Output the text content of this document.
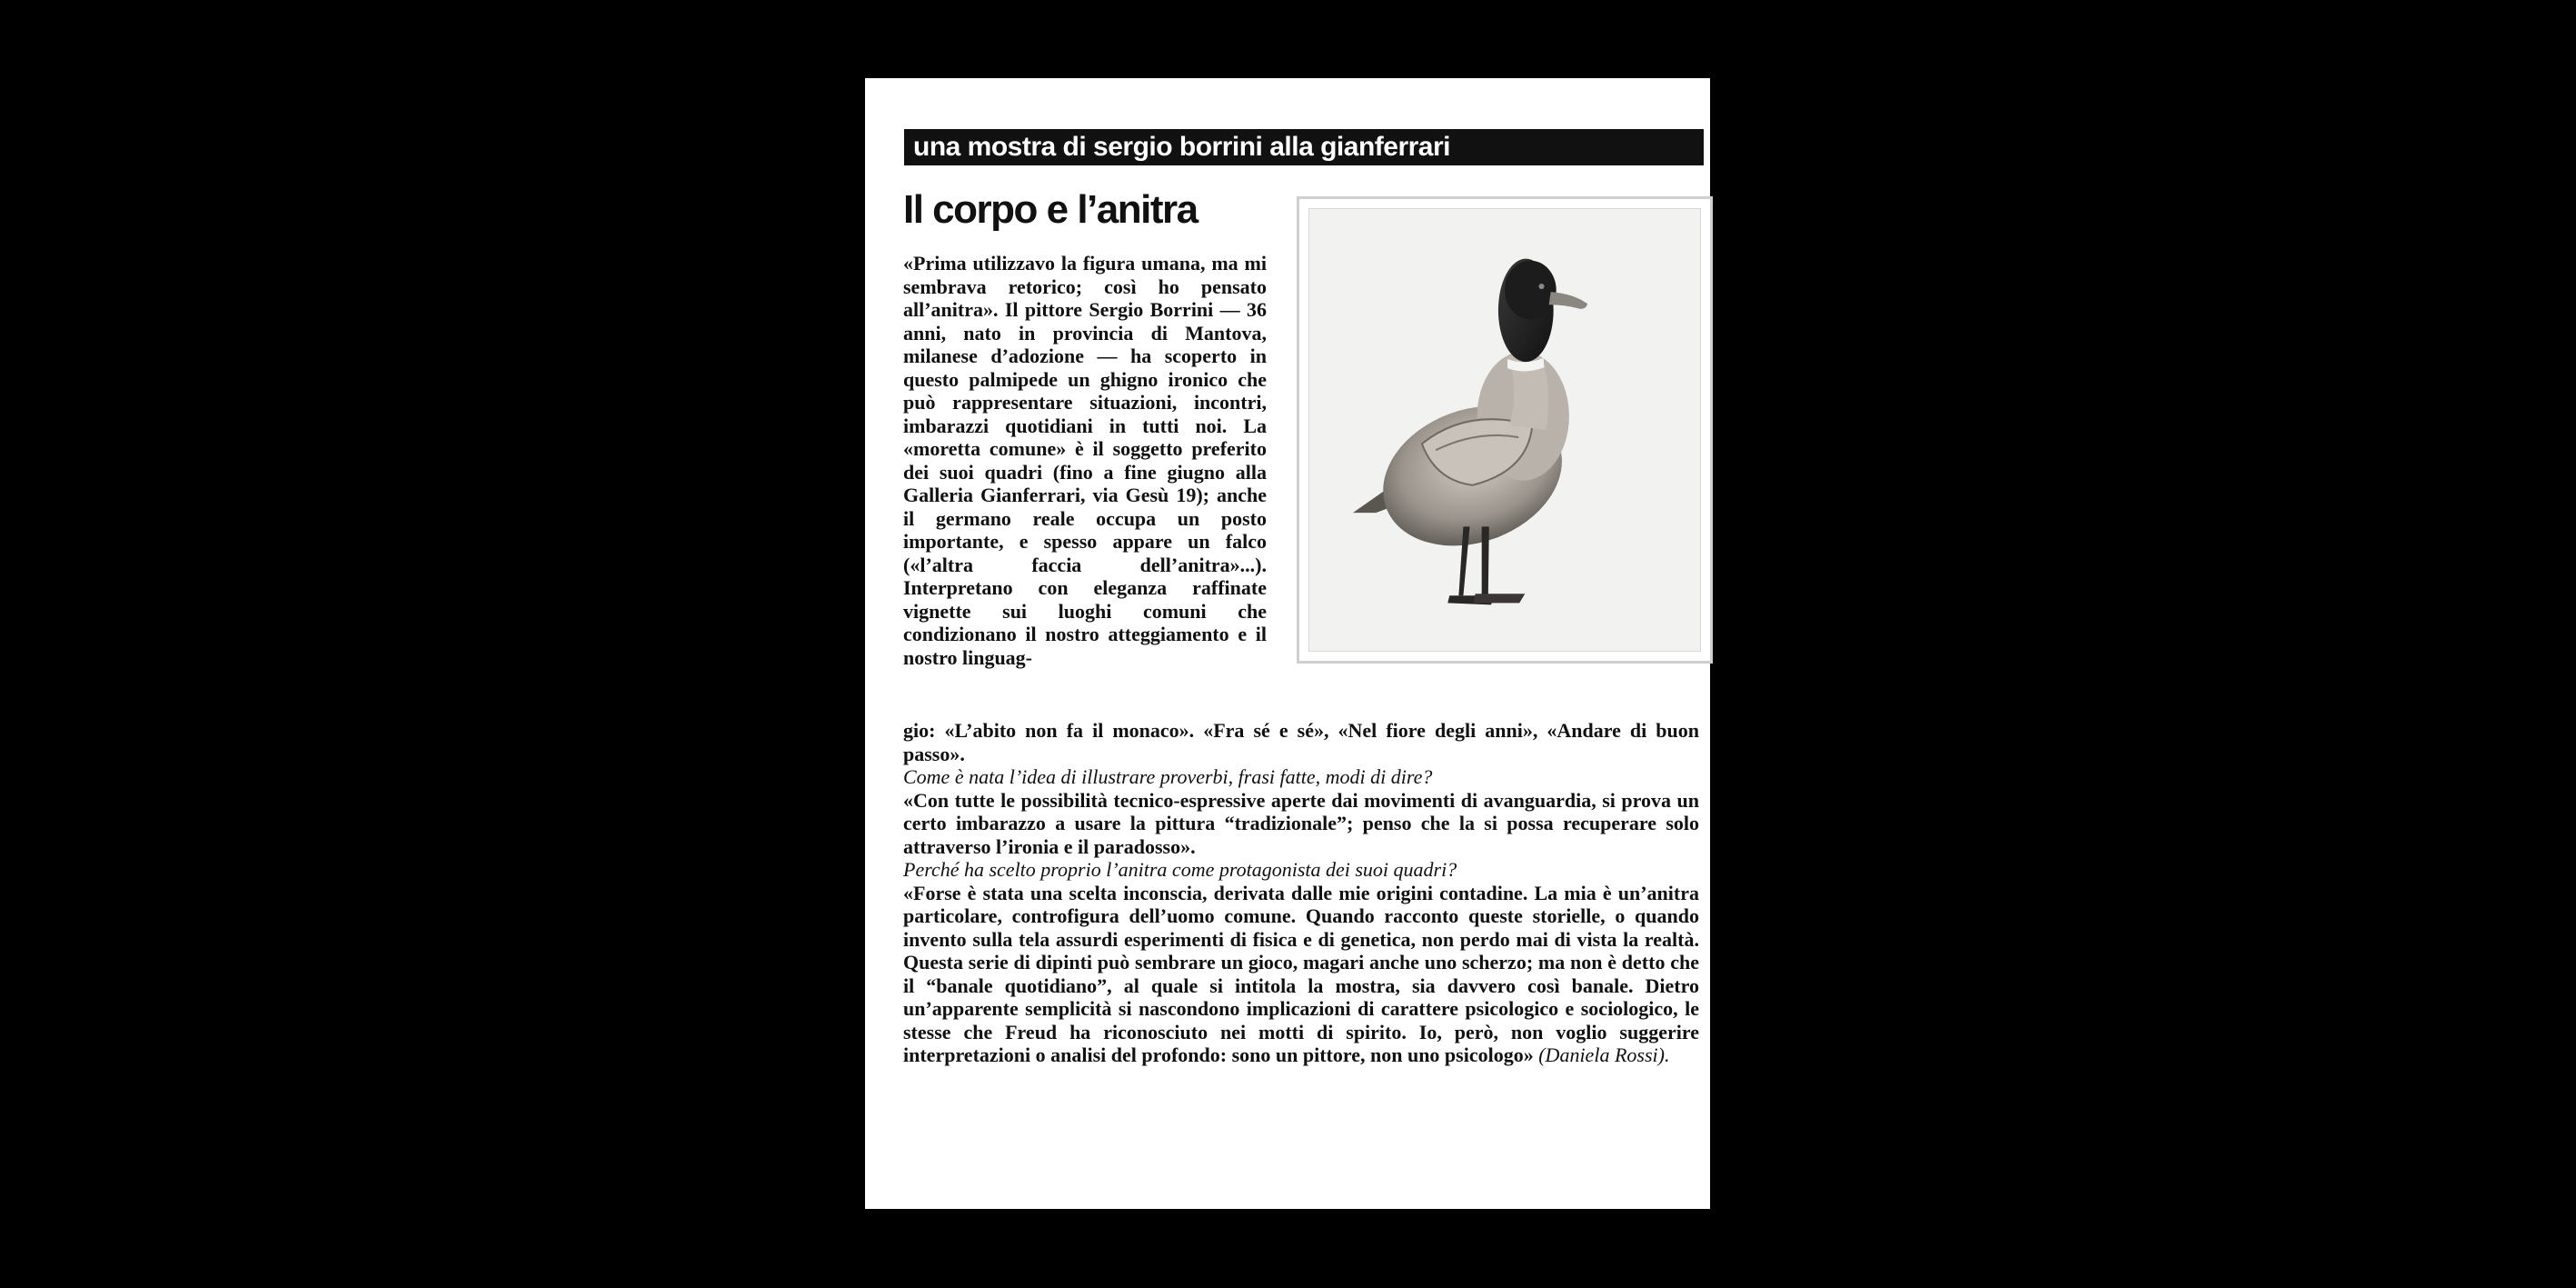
una mostra di sergio borrini alla gianferrari
Il corpo e l’anitra

«Prima utilizzavo la figura umana, ma mi sembrava retorico; così ho pensato all’anitra». Il pittore Sergio Borrini — 36 anni, nato in provincia di Mantova, milanese d’adozione — ha scoperto in questo palmipede un ghigno ironico che può rappresentare situazioni, incontri, imbarazzi quotidiani in tutti noi. La «moretta comune» è il soggetto preferito dei suoi quadri (fino a fine giugno alla Galleria Gianferrari, via Gesù 19); anche il germano reale occupa un posto importante, e spesso appare un falco («l’altra faccia dell’anitra»...). Interpretano con eleganza raffinate vignette sui luoghi comuni che condizionano il nostro atteggiamento e il nostro linguag-

gio: «L’abito non fa il monaco». «Fra sé e sé», «Nel fiore degli anni», «Andare di buon passo».

Come è nata l’idea di illustrare proverbi, frasi fatte, modi di dire?

«Con tutte le possibilità tecnico-espressive aperte dai movimenti di avanguardia, si prova un certo imbarazzo a usare la pittura “tradizionale”; penso che la si possa recuperare solo attraverso l’ironia e il paradosso».

Perché ha scelto proprio l’anitra come protagonista dei suoi quadri?

«Forse è stata una scelta inconscia, derivata dalle mie origini contadine. La mia è un’anitra particolare, controfigura dell’uomo comune. Quando racconto queste storielle, o quando invento sulla tela assurdi esperimenti di fisica e di genetica, non perdo mai di vista la realtà. Questa serie di dipinti può sembrare un gioco, magari anche uno scherzo; ma non è detto che il “banale quotidiano”, al quale si intitola la mostra, sia davvero così banale. Dietro un’apparente semplicità si nascondono implicazioni di carattere psicologico e sociologico, le stesse che Freud ha riconosciuto nei motti di spirito. Io, però, non voglio suggerire interpretazioni o analisi del profondo: sono un pittore, non uno psicologo» (Daniela Rossi).
